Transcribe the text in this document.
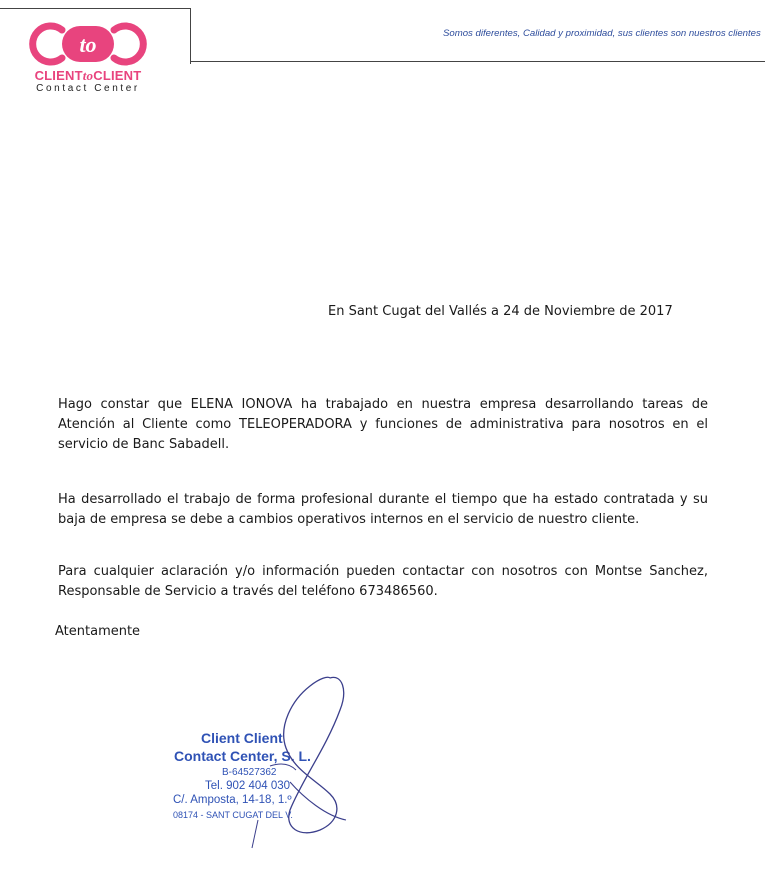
to
CLIENTtoCLIENT
Contact Center
Somos diferentes, Calidad y proximidad, sus clientes son nuestros clientes
En Sant Cugat del Vallés a 24 de Noviembre de 2017

Hago constar que ELENA IONOVA ha trabajado en nuestra empresa desarrollando tareas de Atención al Cliente como TELEOPERADORA y funciones de administrativa para nosotros en el servicio de Banc Sabadell.

Ha desarrollado el trabajo de forma profesional durante el tiempo que ha estado contratada y su baja de empresa se debe a cambios operativos internos en el servicio de nuestro cliente.

Para cualquier aclaración y/o información pueden contactar con nosotros con Montse Sanchez, Responsable de Servicio a través del teléfono 673486560.

Atentamente
Client Client
Contact Center, S. L.
B-64527362
Tel. 902 404 030
C/. Amposta, 14-18, 1.º
08174 - SANT CUGAT DEL V.
